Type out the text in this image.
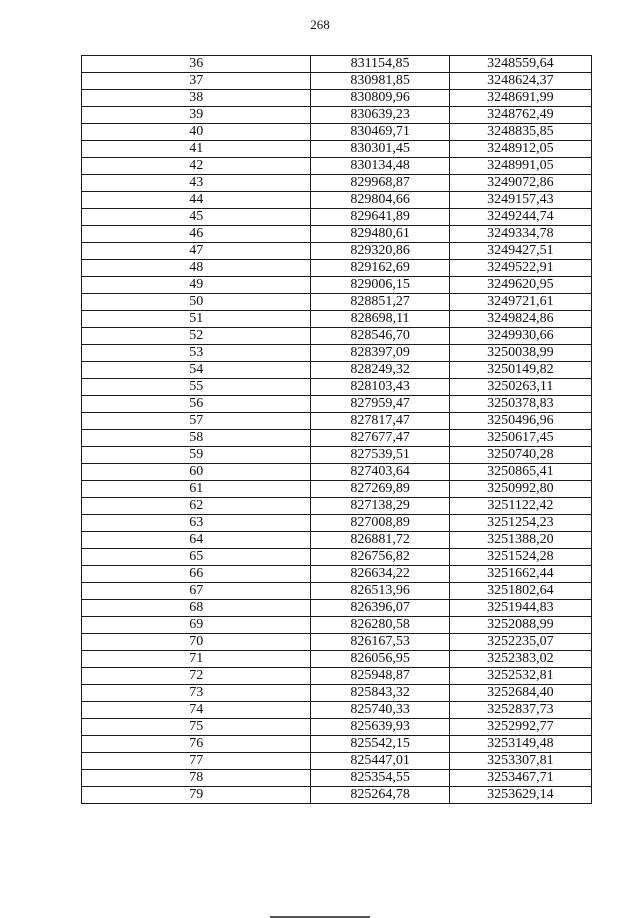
268
36	831154,85	3248559,64
37	830981,85	3248624,37
38	830809,96	3248691,99
39	830639,23	3248762,49
40	830469,71	3248835,85
41	830301,45	3248912,05
42	830134,48	3248991,05
43	829968,87	3249072,86
44	829804,66	3249157,43
45	829641,89	3249244,74
46	829480,61	3249334,78
47	829320,86	3249427,51
48	829162,69	3249522,91
49	829006,15	3249620,95
50	828851,27	3249721,61
51	828698,11	3249824,86
52	828546,70	3249930,66
53	828397,09	3250038,99
54	828249,32	3250149,82
55	828103,43	3250263,11
56	827959,47	3250378,83
57	827817,47	3250496,96
58	827677,47	3250617,45
59	827539,51	3250740,28
60	827403,64	3250865,41
61	827269,89	3250992,80
62	827138,29	3251122,42
63	827008,89	3251254,23
64	826881,72	3251388,20
65	826756,82	3251524,28
66	826634,22	3251662,44
67	826513,96	3251802,64
68	826396,07	3251944,83
69	826280,58	3252088,99
70	826167,53	3252235,07
71	826056,95	3252383,02
72	825948,87	3252532,81
73	825843,32	3252684,40
74	825740,33	3252837,73
75	825639,93	3252992,77
76	825542,15	3253149,48
77	825447,01	3253307,81
78	825354,55	3253467,71
79	825264,78	3253629,14
